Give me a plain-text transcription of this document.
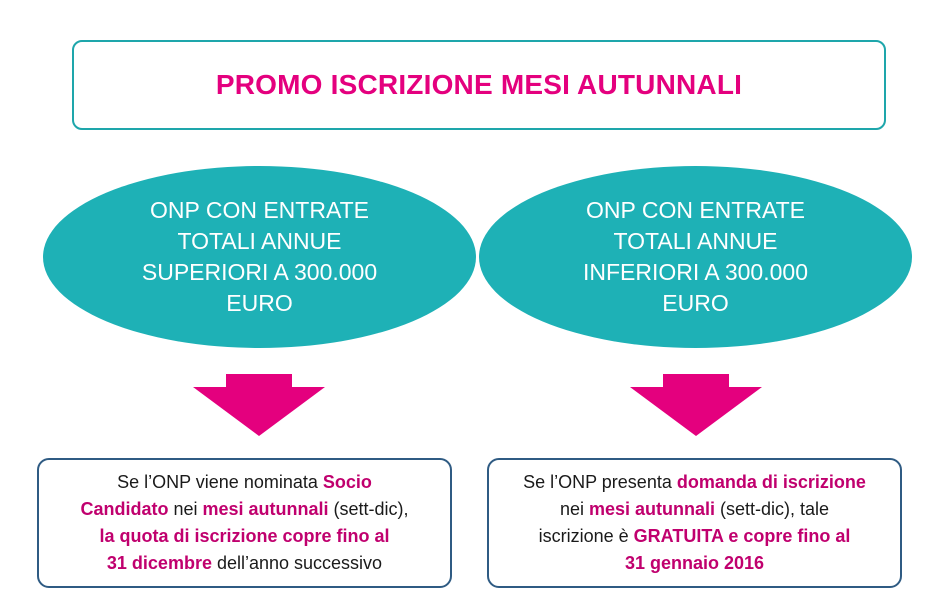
PROMO ISCRIZIONE MESI AUTUNNALI
ONP CON ENTRATE
TOTALI ANNUE
SUPERIORI A 300.000
EURO
ONP CON ENTRATE
TOTALI ANNUE
INFERIORI A 300.000
EURO
Se l’ONP viene nominata Socio
Candidato nei mesi autunnali (sett-dic),
la quota di iscrizione copre fino al
31 dicembre dell’anno successivo
Se l’ONP presenta domanda di iscrizione
nei mesi autunnali (sett-dic), tale
iscrizione è GRATUITA e copre fino al
31 gennaio 2016
